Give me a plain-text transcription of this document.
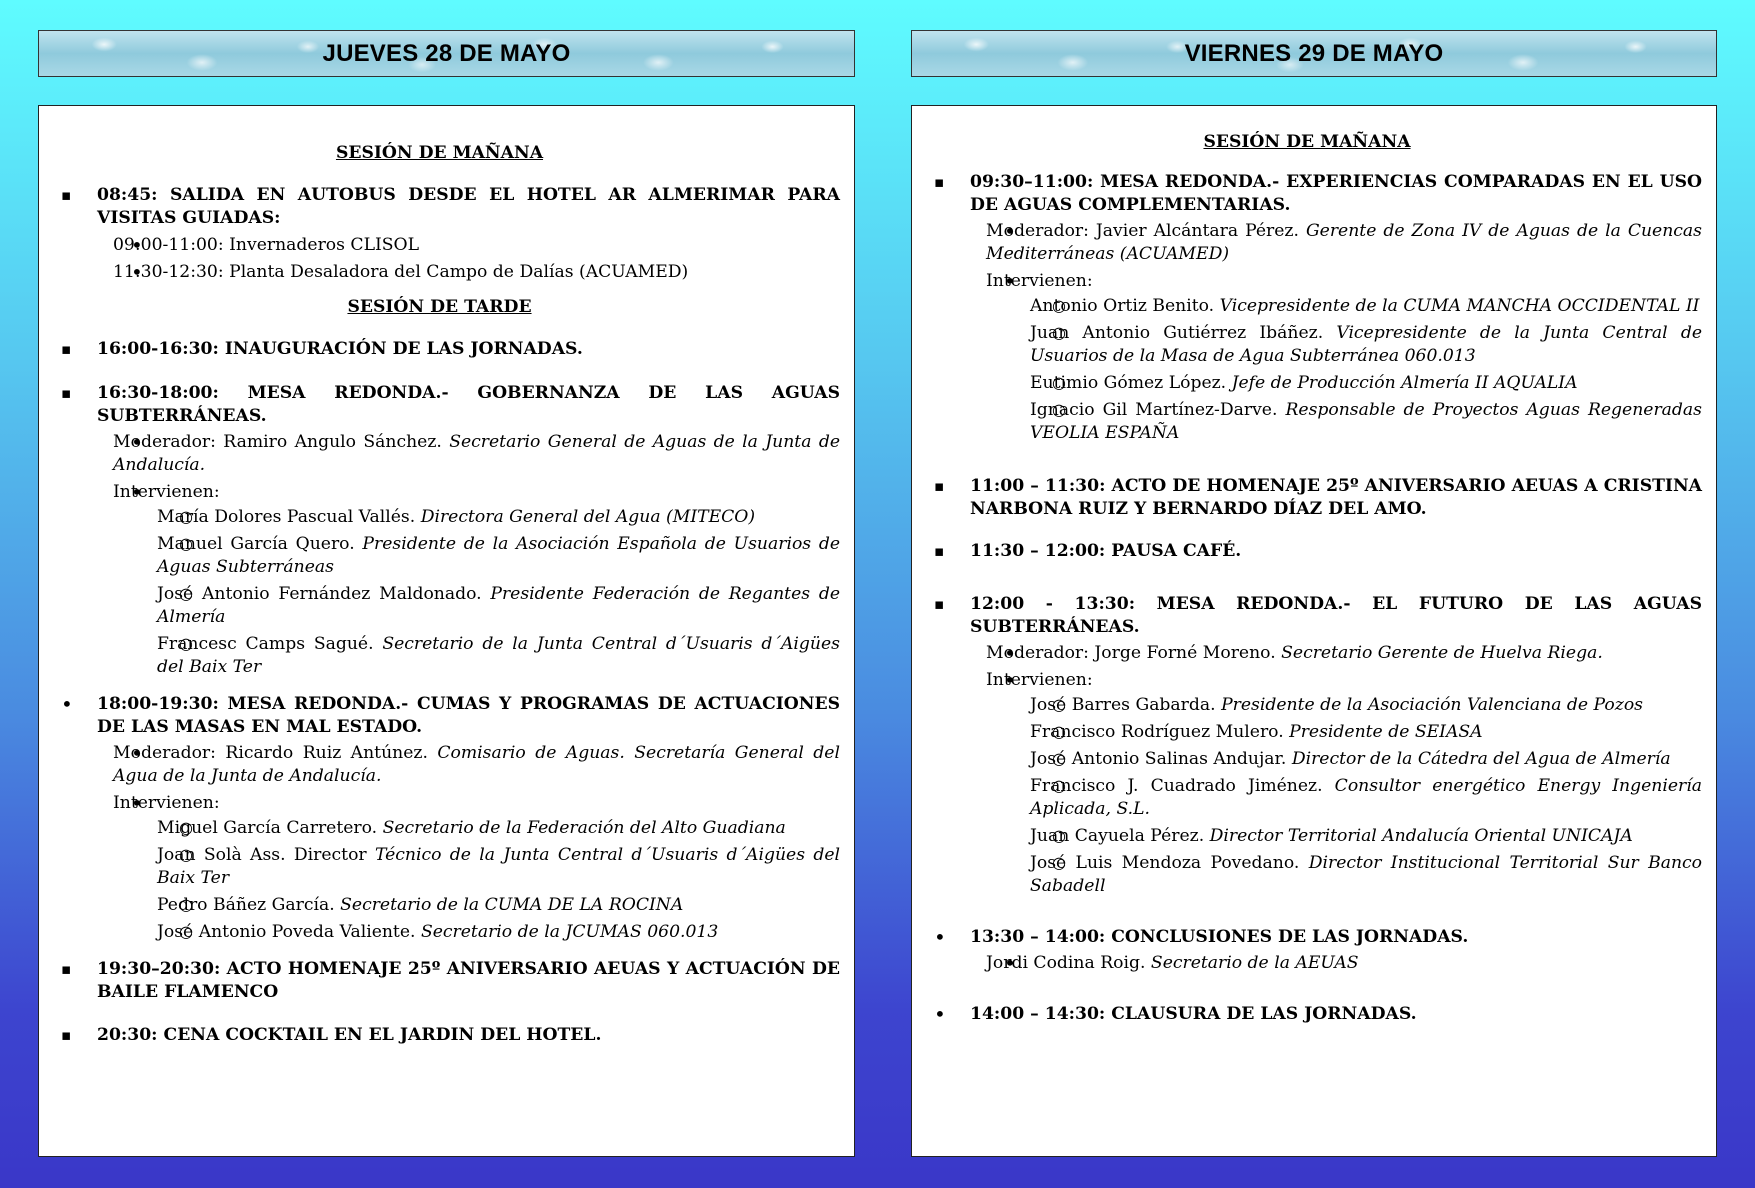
JUEVES 28 DE MAYO

SESIÓN DE MAÑANA

▪
08:45: SALIDA EN AUTOBUS DESDE EL HOTEL AR ALMERIMAR PARA VISITAS GUIADAS:
•
09:00-11:00: Invernaderos CLISOL
•
11:30-12:30: Planta Desaladora del Campo de Dalías (ACUAMED)

SESIÓN DE TARDE

▪
16:00-16:30: INAUGURACIÓN DE LAS JORNADAS.
▪
16:30-18:00: MESA REDONDA.- GOBERNANZA DE LAS AGUAS SUBTERRÁNEAS.
•
Moderador: Ramiro Angulo Sánchez. Secretario General de Aguas de la Junta de Andalucía.
•
Intervienen:
○
María Dolores Pascual Vallés. Directora General del Agua (MITECO)
○
Manuel García Quero. Presidente de la Asociación Española de Usuarios de Aguas Subterráneas
○
José Antonio Fernández Maldonado. Presidente Federación de Regantes de Almería
○
Francesc Camps Sagué. Secretario de la Junta Central d´Usuaris d´Aigües del Baix Ter
•
18:00-19:30: MESA REDONDA.- CUMAS Y PROGRAMAS DE ACTUACIONES DE LAS MASAS EN MAL ESTADO.
•
Moderador: Ricardo Ruiz Antúnez. Comisario de Aguas. Secretaría General del Agua de la Junta de Andalucía.
•
Intervienen:
○
Miguel García Carretero. Secretario de la Federación del Alto Guadiana
○
Joan Solà Ass. Director Técnico de la Junta Central d´Usuaris d´Aigües del Baix Ter
○
Pedro Báñez García. Secretario de la CUMA DE LA ROCINA
○
José Antonio Poveda Valiente. Secretario de la JCUMAS 060.013
▪
19:30–20:30: ACTO HOMENAJE 25º ANIVERSARIO AEUAS Y ACTUACIÓN DE BAILE FLAMENCO
▪
20:30: CENA COCKTAIL EN EL JARDIN DEL HOTEL.
VIERNES 29 DE MAYO

SESIÓN DE MAÑANA

▪
09:30–11:00: MESA REDONDA.- EXPERIENCIAS COMPARADAS EN EL USO DE AGUAS COMPLEMENTARIAS.
•
Moderador: Javier Alcántara Pérez. Gerente de Zona IV de Aguas de la Cuencas Mediterráneas (ACUAMED)
•
Intervienen:
○
Antonio Ortiz Benito. Vicepresidente de la CUMA MANCHA OCCIDENTAL II
○
Juan Antonio Gutiérrez Ibáñez. Vicepresidente de la Junta Central de Usuarios de la Masa de Agua Subterránea 060.013
○
Eutimio Gómez López. Jefe de Producción Almería II AQUALIA
○
Ignacio Gil Martínez-Darve. Responsable de Proyectos Aguas Regeneradas VEOLIA ESPAÑA
▪
11:00 – 11:30: ACTO DE HOMENAJE 25º ANIVERSARIO AEUAS A CRISTINA NARBONA RUIZ Y BERNARDO DÍAZ DEL AMO.
▪
11:30 – 12:00: PAUSA CAFÉ.
▪
12:00 - 13:30: MESA REDONDA.- EL FUTURO DE LAS AGUAS SUBTERRÁNEAS.
•
Moderador: Jorge Forné Moreno. Secretario Gerente de Huelva Riega.
•
Intervienen:
○
José Barres Gabarda. Presidente de la Asociación Valenciana de Pozos
○
Francisco Rodríguez Mulero. Presidente de SEIASA
○
José Antonio Salinas Andujar. Director de la Cátedra del Agua de Almería
○
Francisco J. Cuadrado Jiménez. Consultor energético Energy Ingeniería Aplicada, S.L.
○
Juan Cayuela Pérez. Director Territorial Andalucía Oriental UNICAJA
○
José Luis Mendoza Povedano. Director Institucional Territorial Sur Banco Sabadell
•
13:30 – 14:00: CONCLUSIONES DE LAS JORNADAS.
•
Jordi Codina Roig. Secretario de la AEUAS
•
14:00 – 14:30: CLAUSURA DE LAS JORNADAS.
